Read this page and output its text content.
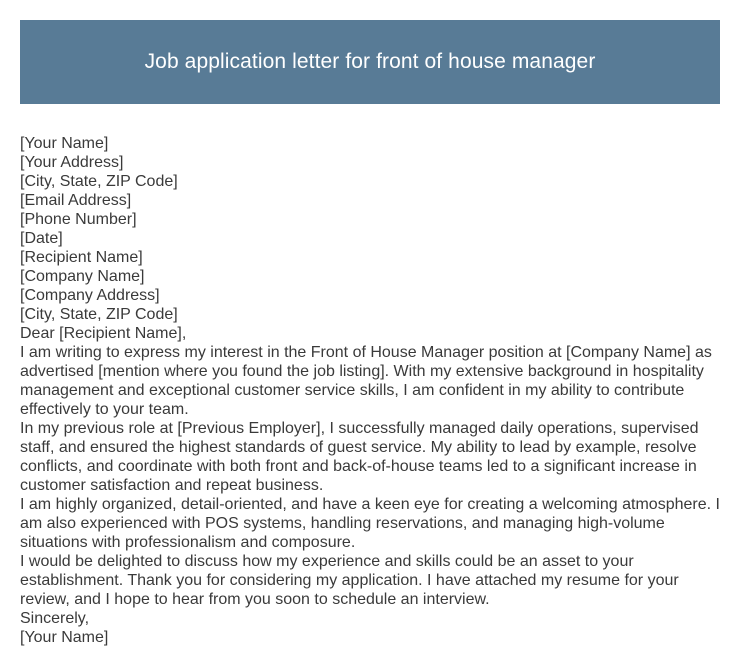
Job application letter for front of house manager
[Your Name]
[Your Address]
[City, State, ZIP Code]
[Email Address]
[Phone Number]
[Date]
[Recipient Name]
[Company Name]
[Company Address]
[City, State, ZIP Code]
Dear [Recipient Name],
I am writing to express my interest in the Front of House Manager position at [Company Name] as advertised [mention where you found the job listing]. With my extensive background in hospitality management and exceptional customer service skills, I am confident in my ability to contribute effectively to your team.
In my previous role at [Previous Employer], I successfully managed daily operations, supervised staff, and ensured the highest standards of guest service. My ability to lead by example, resolve conflicts, and coordinate with both front and back-of-house teams led to a significant increase in customer satisfaction and repeat business.
I am highly organized, detail-oriented, and have a keen eye for creating a welcoming atmosphere. I am also experienced with POS systems, handling reservations, and managing high-volume situations with professionalism and composure.
I would be delighted to discuss how my experience and skills could be an asset to your establishment. Thank you for considering my application. I have attached my resume for your review, and I hope to hear from you soon to schedule an interview.
Sincerely,
[Your Name]
